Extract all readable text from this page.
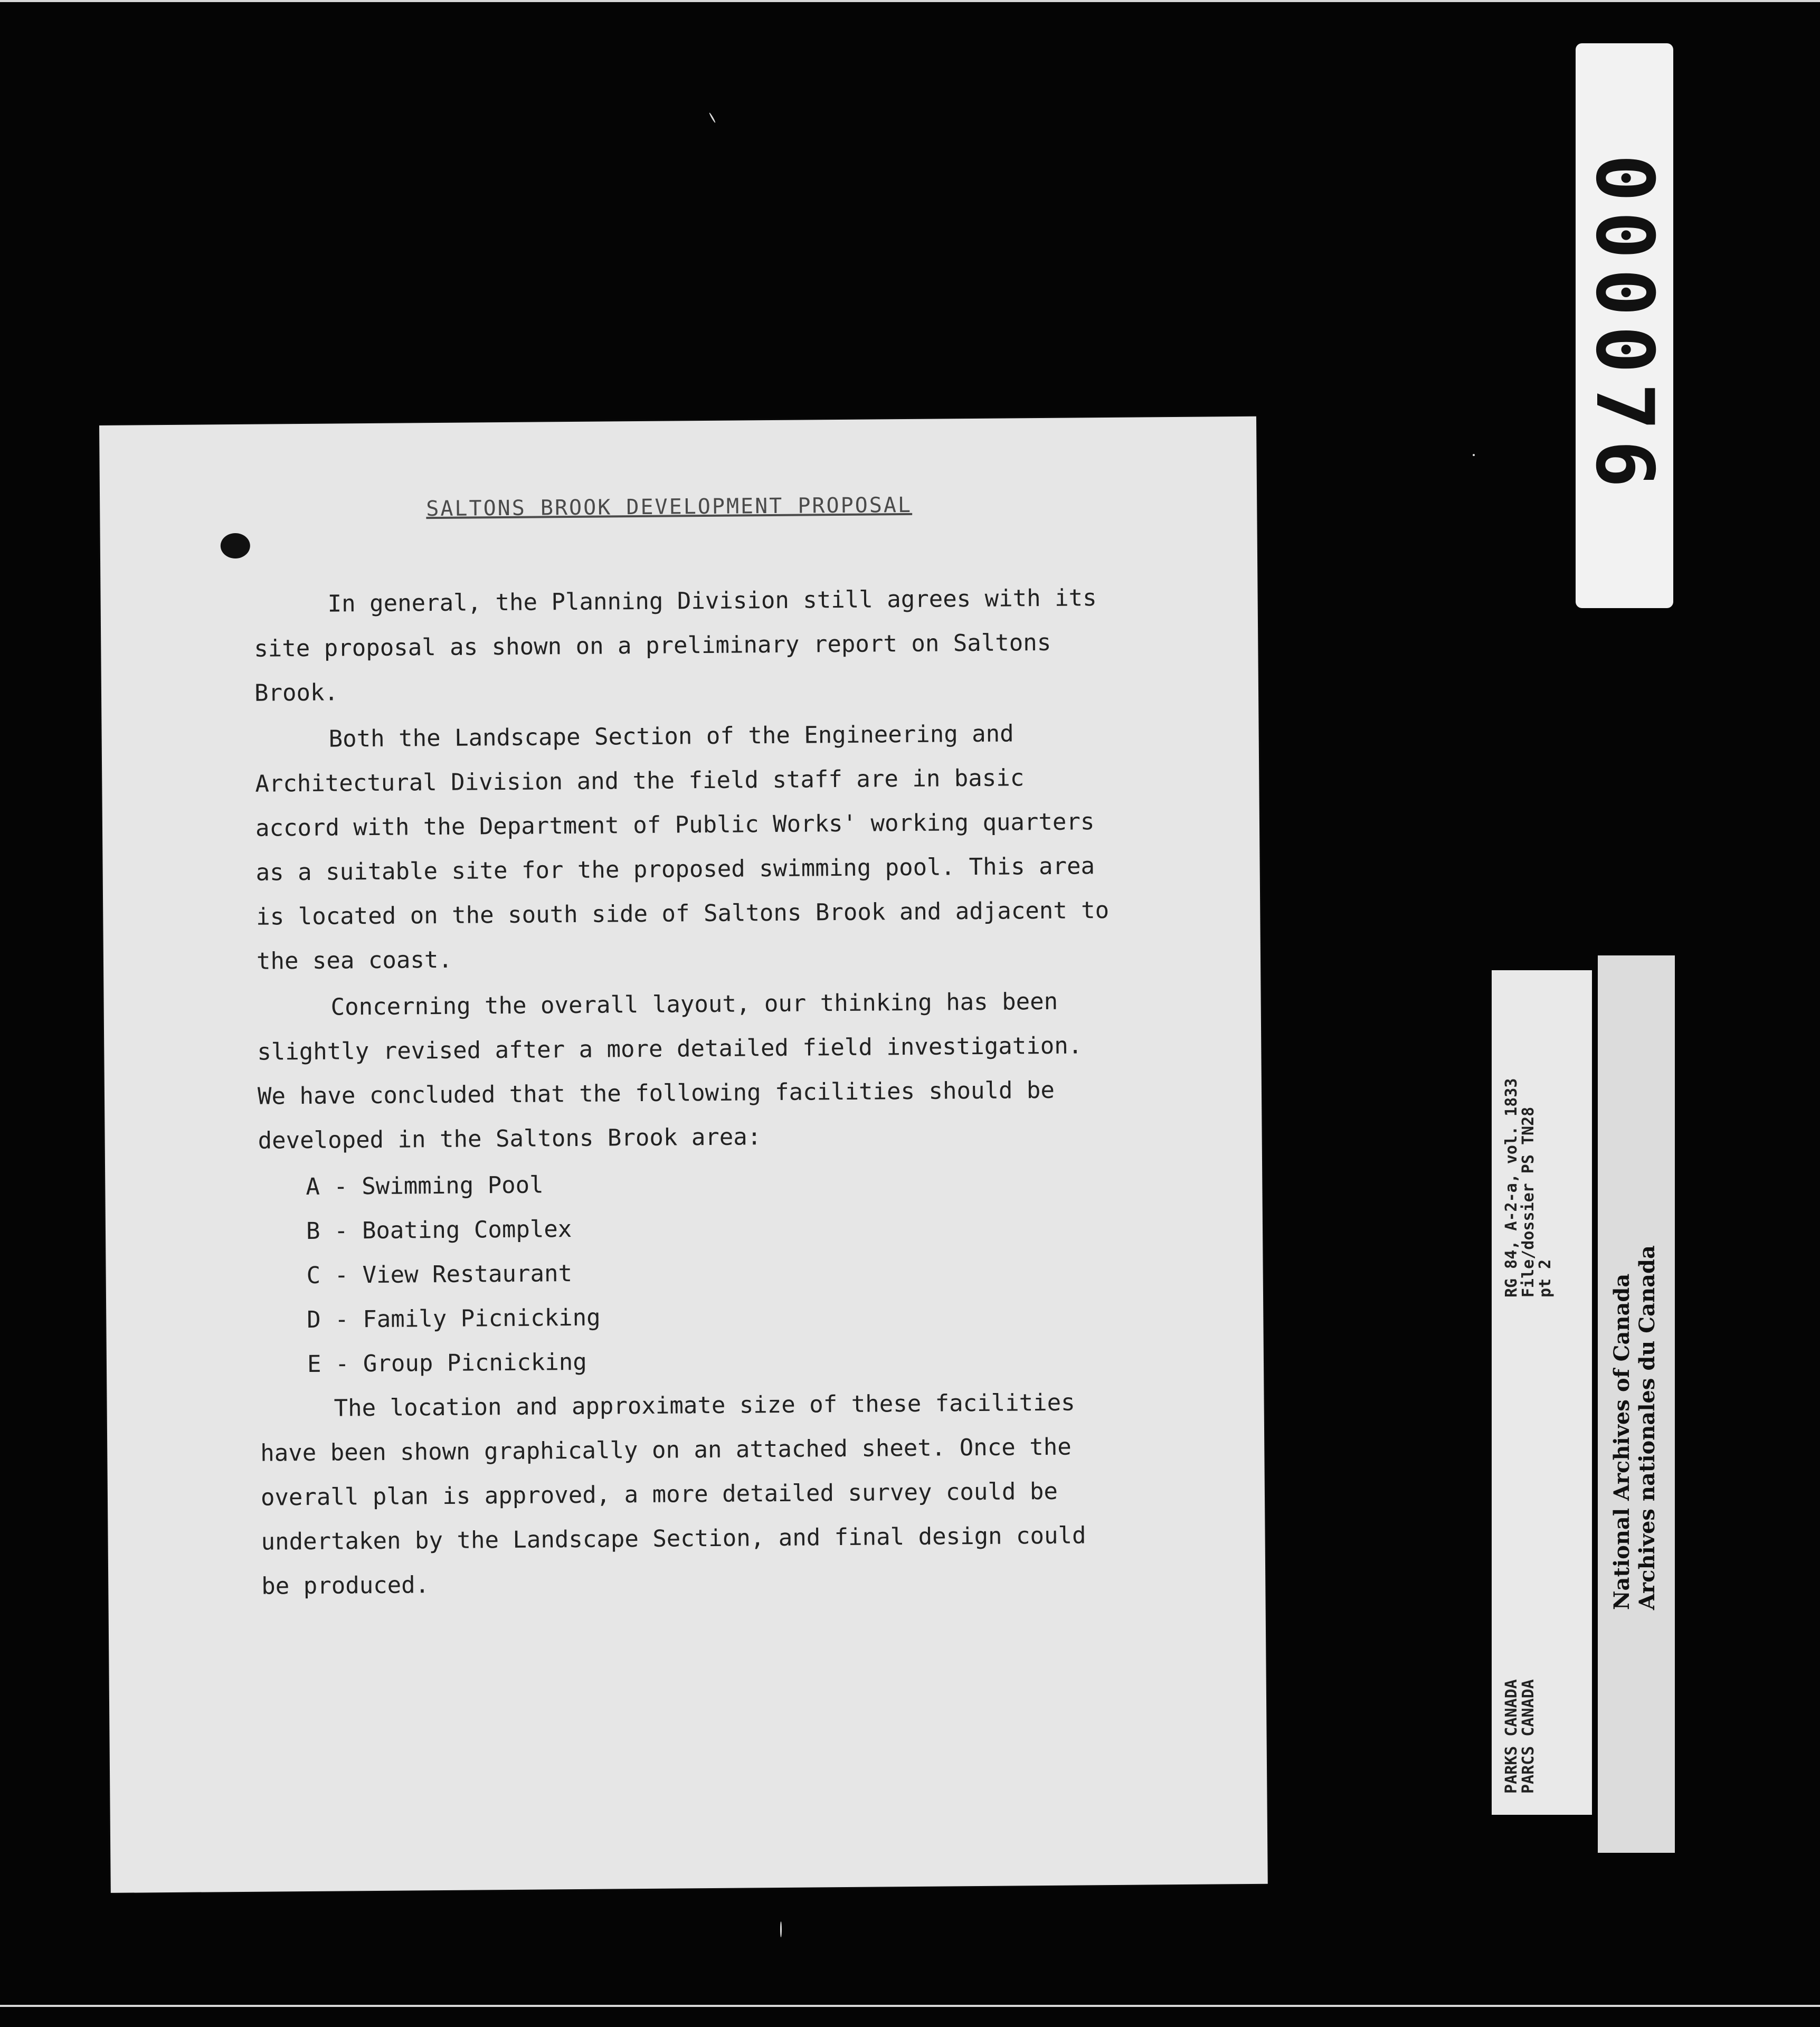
SALTONS BROOK DEVELOPMENT PROPOSAL

In general, the Planning Division still agrees with its site proposal as shown on a preliminary report on Saltons Brook.

Both the Landscape Section of the Engineering and Architectural Division and the field staff are in basic accord with the Department of Public Works' working quarters as a suitable site for the proposed swimming pool. This area is located on the south side of Saltons Brook and adjacent to the sea coast.

Concerning the overall layout, our thinking has been slightly revised after a more detailed field investigation. We have concluded that the following facilities should be developed in the Saltons Brook area:

A - Swimming Pool
B - Boating Complex
C - View Restaurant
D - Family Picnicking
E - Group Picnicking

The location and approximate size of these facilities have been shown graphically on an attached sheet. Once the overall plan is approved, a more detailed survey could be undertaken by the Landscape Section, and final design could be produced.

000076
RG 84, A-2-a, vol. 1833
File/dossier PS TN28
pt 2
PARKS CANADA
PARCS CANADA
National Archives of Canada Archives nationales du Canada
